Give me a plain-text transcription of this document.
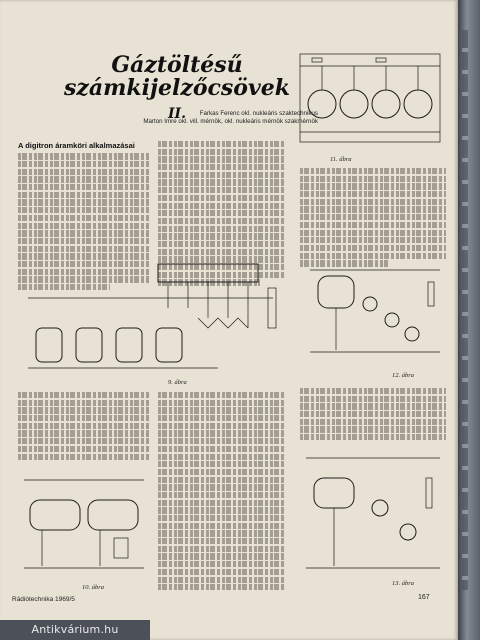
Gáztöltésű
számkijelzőcsövek II.	Farkas Ferenc okl. nukleáris szaktechnikus
Marton Imre okl. vill. mérnök, okl. nukleáris mérnök szakmérnök
A digitron áramköri alkalmazásai
11. ábra
9. ábra
12. ábra
10. ábra
13. ábra
Rádiótechnika 1969/5	167
Antikvárium.hu
